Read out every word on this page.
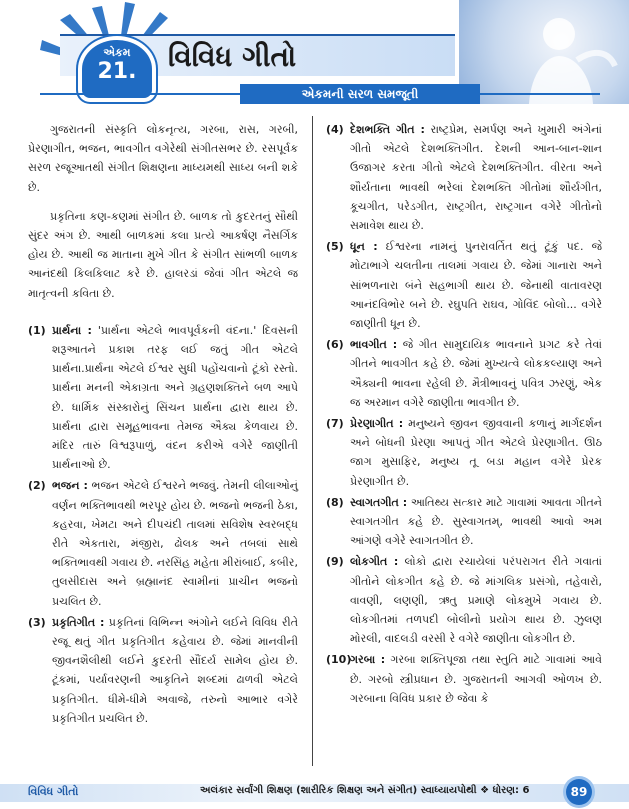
એકમ
21.	વિવિધ ગીતો
એકમની સરળ સમજૂતી

ગુજરાતની સંસ્કૃતિ લોકનૃત્ય, ગરબા, રાસ, ગરબી, પ્રેરણાગીત, ભજન, ભાવગીત વગેરેથી સંગીતસભર છે. રસપૂર્વક સરળ રજૂઆતથી સંગીત શિક્ષણના માધ્યમથી સાધ્ય બની શકે છે.

પ્રકૃતિના કણ-કણમાં સંગીત છે. બાળક તો કુદરતનું સૌથી સુંદર અંગ છે. આથી બાળકમાં કલા પ્રત્યે આકર્ષણ નૈસર્ગિક હોય છે. આથી જ માતાના મુખે ગીત કે સંગીત સાંભળી બાળક આનંદથી કિલકિલાટ કરે છે. હાલરડાં જેવાં ગીત એટલે જ માતૃત્વની કવિતા છે.

(1) પ્રાર્થના : 'પ્રાર્થના એટલે ભાવપૂર્વકની વંદના.' દિવસની શરૂઆતને પ્રકાશ તરફ લઈ જતું ગીત એટલે પ્રાર્થના.પ્રાર્થના એટલે ઈશ્વર સુધી પહોંચવાનો ટૂંકો રસ્તો. પ્રાર્થના મનની એકાગ્રતા અને ગ્રહણશક્તિને બળ આપે છે. ધાર્મિક સંસ્કારોનું સિંચન પ્રાર્થના દ્વારા થાય છે. પ્રાર્થના દ્વારા સમૂહભાવના તેમજ ઐક્ય કેળવાય છે. મંદિર તારું વિશ્વરૂપાળું, વંદન કરીએ વગેરે જાણીતી પ્રાર્થનાઓ છે.
(2) ભજન : ભજન એટલે ઈશ્વરને ભજવું. તેમની લીલાઓનું વર્ણન ભક્તિભાવથી ભરપૂર હોય છે. ભજનો ભજની ઠેકા, કહરવા, ખેમટા અને દીપચંદી તાલમાં સવિશેષ સ્વરબદ્ધ રીતે એકતારા, મંજીરા, ઢોલક અને તબલાં સાથે ભક્તિભાવથી ગવાય છે. નરસિંહ મહેતા મીરાંબાઈ, કબીર, તુલસીદાસ અને બ્રહ્માનંદ સ્વામીનાં પ્રાચીન ભજનો પ્રચલિત છે.
(3) પ્રકૃતિગીત : પ્રકૃતિનાં વિભિન્ન અંગોને લઈને વિવિધ રીતે રજૂ થતું ગીત પ્રકૃતિગીત કહેવાય છે. જેમાં માનવીની જીવનશૈલીથી લઈને કુદરતી સૌંદર્ય સામેલ હોય છે. ટૂંકમાં, પર્યાવરણની આકૃતિને શબ્દમાં ઢાળવી એટલે પ્રકૃતિગીત. ધીમે-ધીમે અવાજે, તરુનો આભાર વગેરે પ્રકૃતિગીત પ્રચલિત છે.
(4) દેશભક્તિ ગીત : રાષ્ટ્રપ્રેમ, સમર્પણ અને ખુમારી અંગેનાં ગીતો એટલે દેશભક્તિગીત. દેશની આન-બાન-શાન ઉજાગર કરતા ગીતો એટલે દેશભક્તિગીત. વીરતા અને શૌર્યતાના ભાવથી ભરેલાં દેશભક્તિ ગીતોમાં શૌર્યગીત, કૂચગીત, પરેડગીત, રાષ્ટ્રગીત, રાષ્ટ્રગાન વગેરે ગીતોનો સમાવેશ થાય છે.
(5) ધૂન : ઈશ્વરના નામનું પુનરાવર્તિત થતું ટૂંકું પદ. જે મોટાભાગે ચલતીના તાલમાં ગવાય છે. જેમાં ગાનારા અને સાંભળનારા બંને સહભાગી થાય છે. જેનાથી વાતાવરણ આનંદવિભોર બને છે. રઘુપતિ રાઘવ, ગોવિંદ બોલો... વગેરે જાણીતી ધૂન છે.
(6) ભાવગીત : જે ગીત સામુદાયિક ભાવનાને પ્રગટ કરે તેવાં ગીતને ભાવગીત કહે છે. જેમાં મુખ્યત્વે લોકકલ્યાણ અને ઐક્યની ભાવના રહેલી છે. મૈત્રીભાવનું પવિત્ર ઝરણું, એક જ અરમાન વગેરે જાણીતા ભાવગીત છે.
(7) પ્રેરણાગીત : મનુષ્યને જીવન જીવવાની કળાનું માર્ગદર્શન અને બોધની પ્રેરણા આપતું ગીત એટલે પ્રેરણાગીત. ઊઠ જાગ મુસાફિર, મનુષ્ય તૂ બડા મહાન વગેરે પ્રેરક પ્રેરણાગીત છે.
(8) સ્વાગતગીત : આતિથ્ય સત્કાર માટે ગાવામાં આવતા ગીતને સ્વાગતગીત કહે છે. સુસ્વાગતમ્, ભાવથી આવો અમ આંગણે વગેરે સ્વાગતગીત છે.
(9) લોકગીત : લોકો દ્વારા રચાયેલાં પરંપરાગત રીતે ગવાતાં ગીતોને લોકગીત કહે છે. જે માંગલિક પ્રસંગો, તહેવારો, વાવણી, લણણી, ઋતુ પ્રમાણે લોકમુખે ગવાય છે. લોકગીતમાં તળપદી બોલીનો પ્રયોગ થાય છે. ઝુલણ મોરલી, વાદલડી વરસી રે વગેરે જાણીતા લોકગીત છે.
(10)
ગરબા : ગરબા શક્તિપૂજા તથા સ્તુતિ માટે ગાવામાં આવે છે. ગરબો સ્ત્રીપ્રધાન છે. ગુજરાતની આગવી ઓળખ છે. ગરબાના વિવિધ પ્રકાર છે જેવા કે
વિવિધ ગીતો	અલંકાર સર્વાંગી શિક્ષણ (શારીરિક શિક્ષણ અને સંગીત) સ્વાધ્યાયપોથી ❖ ધોરણ: 6	89
